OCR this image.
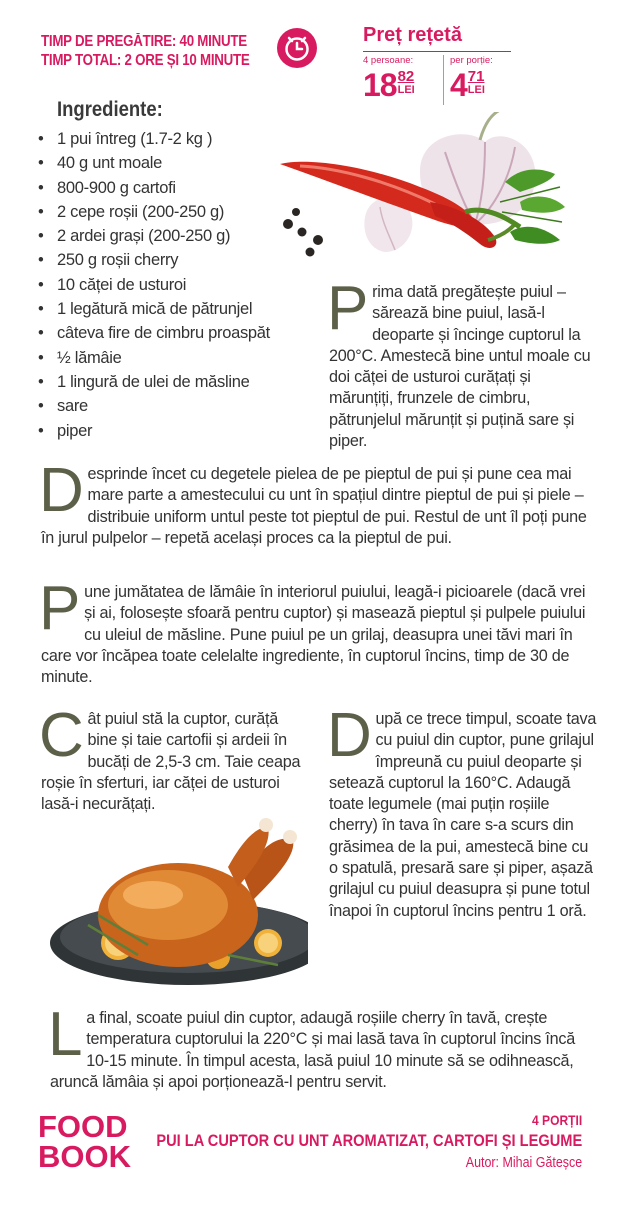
TIMP DE PREGĂTIRE: 40 MINUTE
TIMP TOTAL: 2 ORE ȘI 10 MINUTE
Preț rețetă
4 persoane:
18 82
LEI
per porție:
4 71
LEI
Ingrediente:
• 1 pui întreg (1.7-2 kg )
• 40 g unt moale
• 800-900 g cartofi
• 2 cepe roșii (200-250 g)
• 2 ardei grași (200-250 g)
• 250 g roșii cherry
• 10 căței de usturoi
• 1 legătură mică de pătrunjel
• câteva fire de cimbru proaspăt
• ½ lămâie
• 1 lingură de ulei de măsline
• sare
• piper
Prima dată pregătește puiul – sărează bine puiul, lasă-l deoparte și încinge cuptorul la 200°C. Amestecă bine untul moale cu doi căței de usturoi curățați și mărunțiți, frunzele de cimbru, pătrunjelul mărunțit și puțină sare și piper.
Desprinde încet cu degetele pielea de pe pieptul de pui și pune cea mai mare parte a amestecului cu unt în spațiul dintre pieptul de pui și piele – distribuie uniform untul peste tot pieptul de pui. Restul de unt îl poți pune în jurul pulpelor – repetă același proces ca la pieptul de pui.
Pune jumătatea de lămâie în interiorul puiului, leagă-i picioarele (dacă vrei și ai, folosește sfoară pentru cuptor) și masează pieptul și pulpele puiului cu uleiul de măsline. Pune puiul pe un grilaj, deasupra unei tăvi mari în care vor încăpea toate celelalte ingrediente, în cuptorul încins, timp de 30 de minute.
Cât puiul stă la cuptor, curăță bine și taie cartofii și ardeii în bucăți de 2,5-3 cm. Taie ceapa roșie în sferturi, iar căței de usturoi lasă-i necurățați.
După ce trece timpul, scoate tava cu puiul din cuptor, pune grilajul împreună cu puiul deoparte și setează cuptorul la 160°C. Adaugă toate legumele (mai puțin roșiile cherry) în tava în care s-a scurs din grăsimea de la pui, amestecă bine cu o spatulă, presară sare și piper, așază grilajul cu puiul deasupra și pune totul înapoi în cuptorul încins pentru 1 oră.
La final, scoate puiul din cuptor, adaugă roșiile cherry în tavă, crește temperatura cuptorului la 220°C și mai lasă tava în cuptorul încins încă 10-15 minute. În timpul acesta, lasă puiul 10 minute să se odihnească, aruncă lămâia și apoi porționează-l pentru servit.
FOOD
BOOK
4 PORȚII
PUI LA CUPTOR CU UNT AROMATIZAT, CARTOFI ȘI LEGUME
Autor: Mihai Găteșce
